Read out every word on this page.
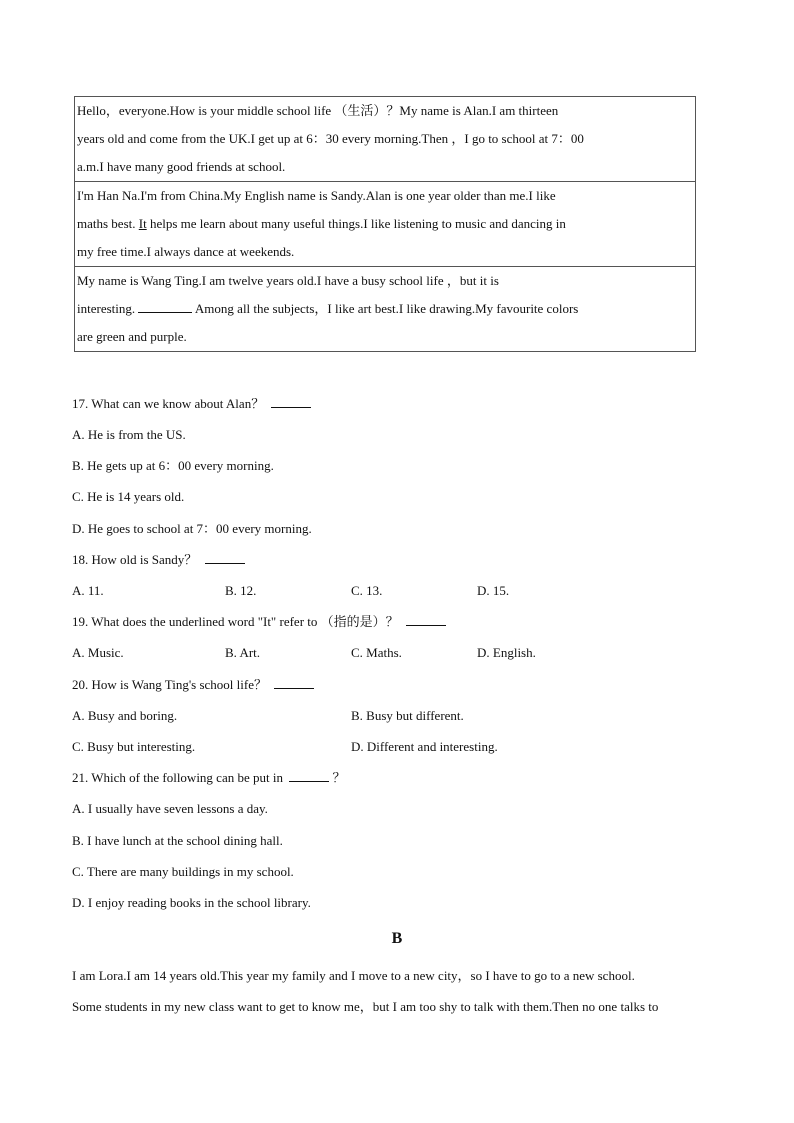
Hello，everyone.How is your middle school life （生活）？My name is Alan.I am thirteen
years old and come from the UK.I get up at 6：30 every morning.Then ，I go to school at 7：00
a.m.I have many good friends at school.
I'm Han Na.I'm from China.My English name is Sandy.Alan is one year older than me.I like
maths best. It helps me learn about many useful things.I like listening to music and dancing in
my free time.I always dance at weekends.
My name is Wang Ting.I am twelve years old.I have a busy school life ，but it is
interesting.	Among all the subjects，I like art best.I like drawing.My favourite colors
are green and purple.
17. What can we know about Alan？
A. He is from the US.
B. He gets up at 6：00 every morning.
C. He is 14 years old.
D. He goes to school at 7：00 every morning.
18. How old is Sandy？
A. 11.	B. 12.	C. 13.	D. 15.
19. What does the underlined word "It" refer to （指的是）？
A. Music.	B. Art.	C. Maths.	D. English.
20. How is Wang Ting's school life？
A. Busy and boring.	B. Busy but different.
C. Busy but interesting.	D. Different and interesting.
21. Which of the following can be put in	？
A. I usually have seven lessons a day.
B. I have lunch at the school dining hall.
C. There are many buildings in my school.
D. I enjoy reading books in the school library.
B
I am Lora.I am 14 years old.This year my family and I move to a new city，so I have to go to a new school.
Some students in my new class want to get to know me，but I am too shy to talk with them.Then no one talks to
